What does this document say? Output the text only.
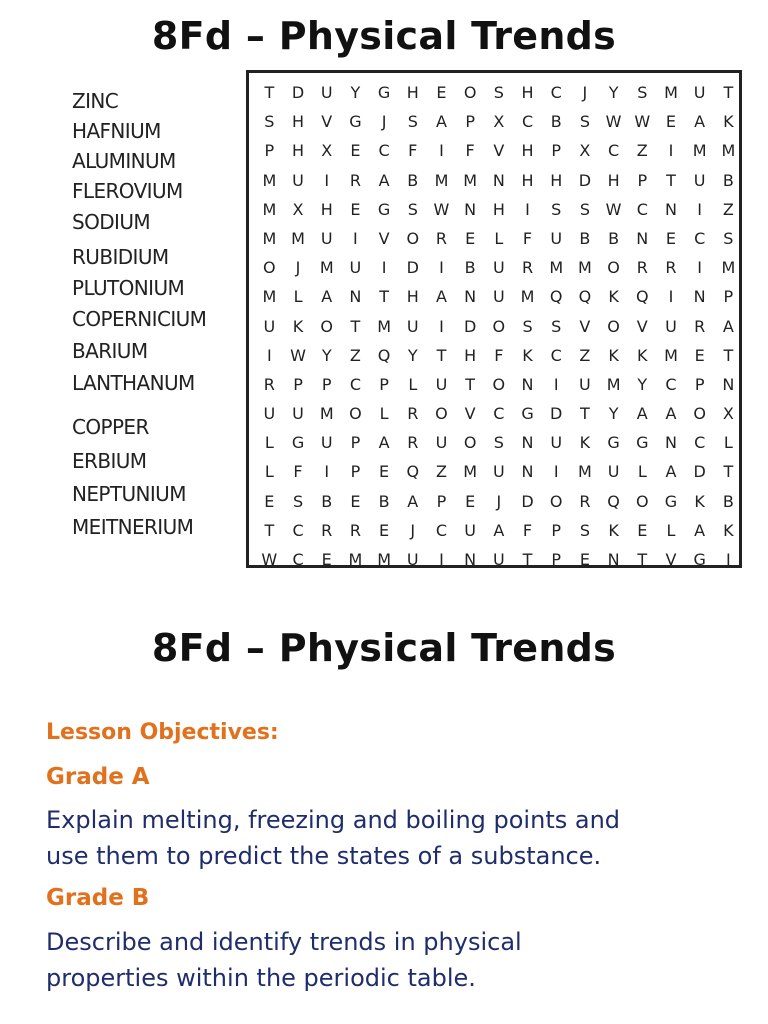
8Fd – Physical Trends
ZINC
HAFNIUM
ALUMINUM
FLEROVIUM
SODIUM
RUBIDIUM
PLUTONIUM
COPERNICIUM
BARIUM
LANTHANUM
COPPER
ERBIUM
NEPTUNIUM
MEITNERIUM
T	D	U	Y	G	H	E	O	S	H	C	J	Y	S	M U	T
S	H	V	G	J	S	A	P	X	C	B	S W W E	A	K
P	H	X	E	C	F	I	F	V	H	P	X	C	Z	I	M M
M U	I	R	A	B	M M N	H	H	D	H	P	T	U	B
M	X	H	E	G	S W N	H	I	S	S W C	N	I	Z
M M U	I	V	O	R	E	L	F	U	B	B	N	E	C	S
O	J	M U	I	D	I	B	U	R	M M O	R	R	I	M
M	L	A	N	T	H	A	N	U M Q	Q	K	Q	I	N	P
U	K	O	T	M U	I	D	O	S	S	V	O	V	U	R	A
I	W Y	Z	Q	Y	T	H	F	K	C	Z	K	K	M	E	T
R	P	P	C	P	L	U	T	O	N	I	U M	Y	C	P	N
U	U M O	L	R	O	V	C	G	D	T	Y	A	A	O	X
L	G	U	P	A	R	U	O	S	N	U	K	G	G	N	C	L
L	F	I	P	E	Q	Z	M U	N	I	M U	L	A	D	T
E	S	B	E	B	A	P	E	J	D	O	R	Q	O	G	K	B
T	C	R	R	E	J	C	U	A	F	P	S	K	E	L	A	K
W C	E	M M U	I	N	U	T	P	E	N	T	V	G	I
8Fd – Physical Trends
Lesson Objectives:
Grade A
Explain melting, freezing and boiling points and
use them to predict the states of a substance.
Grade B
Describe and identify trends in physical
properties within the periodic table.
